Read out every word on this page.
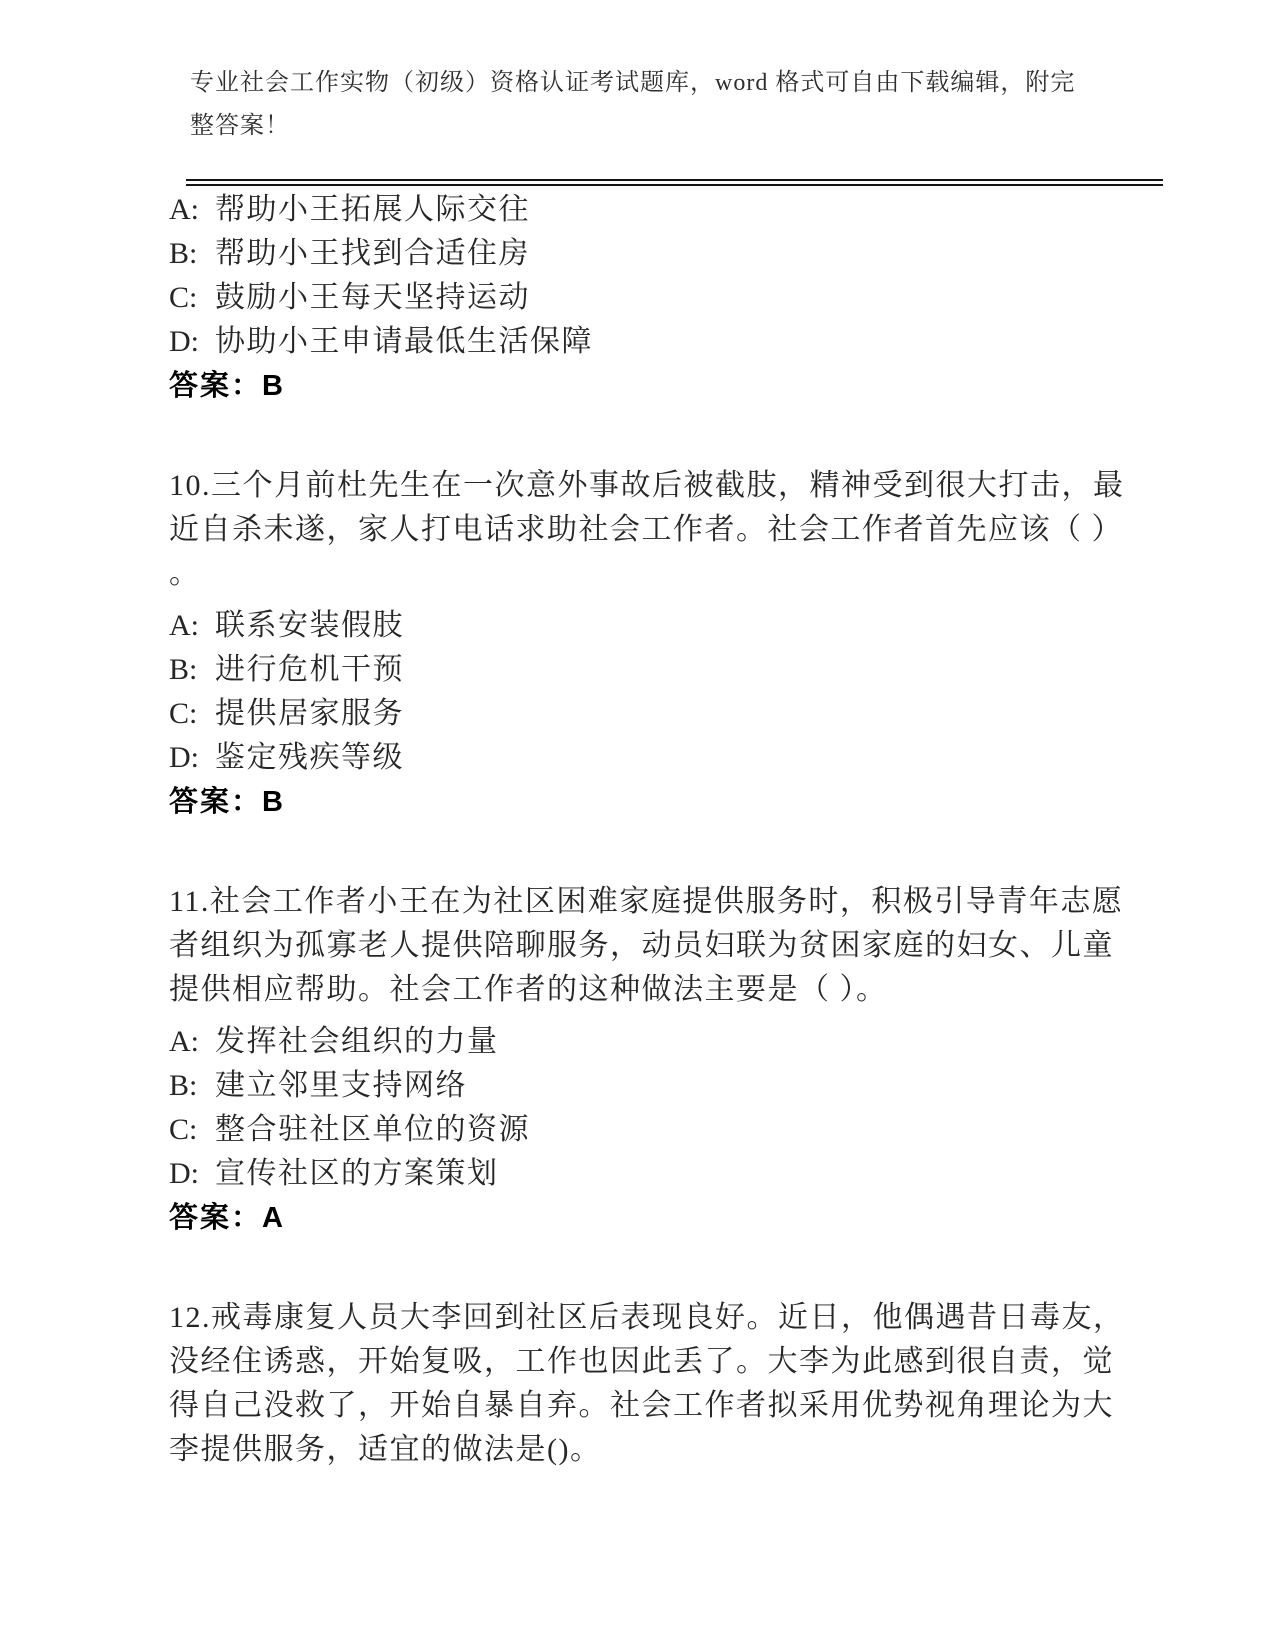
专业社会工作实物（初级）资格认证考试题库，word 格式可自由下载编辑，附完
整答案！
A: 帮助小王拓展人际交往
B: 帮助小王找到合适住房
C: 鼓励小王每天坚持运动
D: 协助小王申请最低生活保障
答案：B
10.三个月前杜先生在一次意外事故后被截肢，精神受到很大打击，最
近自杀未遂，家人打电话求助社会工作者。社会工作者首先应该（ ）
。
A: 联系安装假肢
B: 进行危机干预
C: 提供居家服务
D: 鉴定残疾等级
答案：B
11.社会工作者小王在为社区困难家庭提供服务时，积极引导青年志愿
者组织为孤寡老人提供陪聊服务，动员妇联为贫困家庭的妇女、儿童
提供相应帮助。社会工作者的这种做法主要是（ ）。
A: 发挥社会组织的力量
B: 建立邻里支持网络
C: 整合驻社区单位的资源
D: 宣传社区的方案策划
答案：A
12.戒毒康复人员大李回到社区后表现良好。近日，他偶遇昔日毒友，
没经住诱惑，开始复吸，工作也因此丢了。大李为此感到很自责，觉
得自己没救了，开始自暴自弃。社会工作者拟采用优势视角理论为大
李提供服务，适宜的做法是()。
